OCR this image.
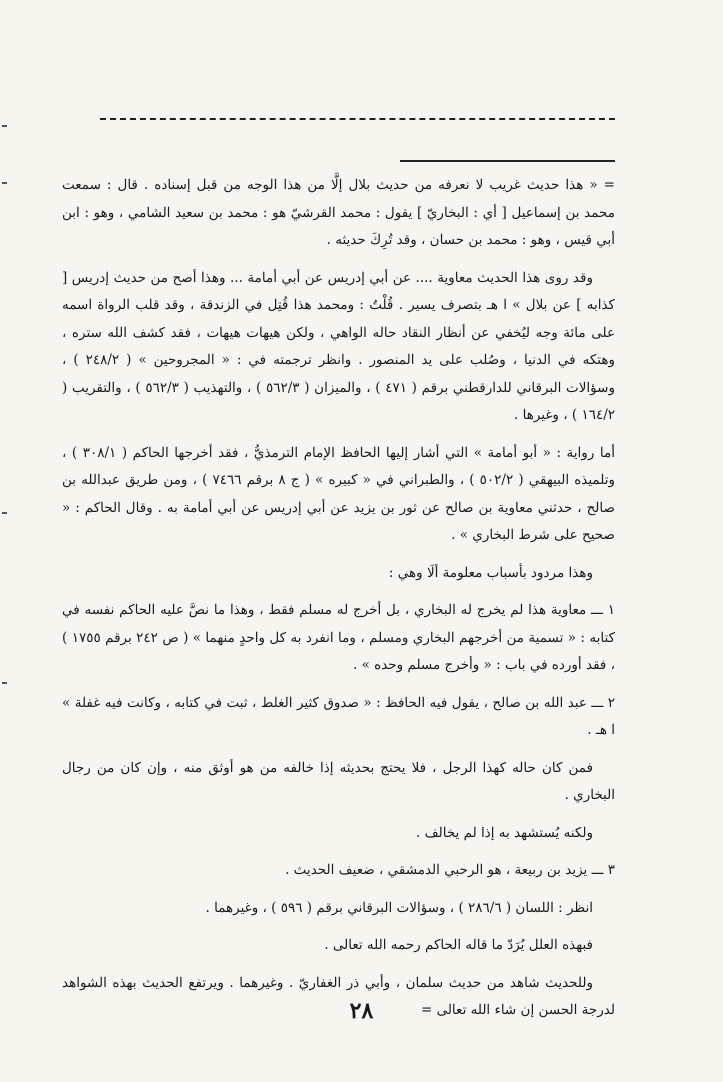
= « هذا حديث غريب لا نعرفه من حديث بلال إلَّا من هذا الوجه من قبل إسناده . قال : سمعت محمد بن إسماعيل [ أي : البخاريّ ] يقول : محمد القرشيّ هو : محمد بن سعيد الشامي ، وهو : ابن أبي قيس ، وهو : محمد بن حسان ، وقد تُرِكَ حديثه .

وقد روى هذا الحديث معاوية .... عن أبي إدريس عن أبي أمامة ... وهذا أصح من حديث إدريس [ كذابه ] عن بلال » ا هـ بتصرف يسير . قُلْتُ : ومحمد هذا قُتِل في الزندقة ، وقد قلب الرواة اسمه على مائة وجه ليُخفي عن أنظار النقاد حاله الواهي ، ولكن هيهات هيهات ، فقد كشف الله ستره ، وهتكه في الدنيا ، وصُلب على يد المنصور . وانظر ترجمته في : « المجروحين » ( ٢٤٨/٢ ) ، وسؤالات البرقاني للدارقطني برقم ( ٤٧١ ) ، والميزان ( ٥٦٢/٣ ) ، والتهذيب ( ٥٦٢/٣ ) ، والتقريب ( ١٦٤/٢ ) ، وغيرها .

أما رواية : « أبو أمامة » التي أشار إليها الحافظ الإمام الترمذيُّ ، فقد أخرجها الحاكم ( ٣٠٨/١ ) ، وتلميذه البيهقي ( ٥٠٢/٢ ) ، والطبراني في « كبيره » ( ج ٨ برقم ٧٤٦٦ ) ، ومن طريق عبدالله بن صالح ، حدثني معاوية بن صالح عن ثور بن يزيد عن أبي إدريس عن أبي أمامة به . وقال الحاكم : « صحيح على شرط البخاري » .

وهذا مردود بأسباب معلومة ألَا وهي :

١ ـــ معاوية هذا لم يخرج له البخاري ، بل أخرج له مسلم فقط ، وهذا ما نصَّ عليه الحاكم نفسه في كتابه : « تسمية من أخرجهم البخاري ومسلم ، وما انفرد به كل واحدٍ منهما » ( ص ٢٤٢ برقم ١٧٥٥ ) ، فقد أورده في باب : « وأخرج مسلم وحده » .

٢ ـــ عبد الله بن صالح ، يقول فيه الحافظ : « صدوق كثير الغلط ، ثبت في كتابه ، وكانت فيه غفلة » ا هـ .

فمن كان حاله كهذا الرجل ، فلا يحتج بحديثه إذا خالفه من هو أوثق منه ، وإن كان من رجال البخاري .

ولكنه يُستشهد به إذا لم يخالف .

٣ ـــ يزيد بن ربيعة ، هو الرحبي الدمشقي ، ضعيف الحديث .

انظر : اللسان ( ٢٨٦/٦ ) ، وسؤالات البرقاني برقم ( ٥٩٦ ) ، وغيرهما .

فبهذه العلل يُرَدّ ما قاله الحاكم رحمه الله تعالى .

وللحديث شاهد من حديث سلمان ، وأبي ذر الغفاريّ . وغيرهما . ويرتفع الحديث بهذه الشواهد لدرجة الحسن إن شاء الله تعالى =

٢٨
